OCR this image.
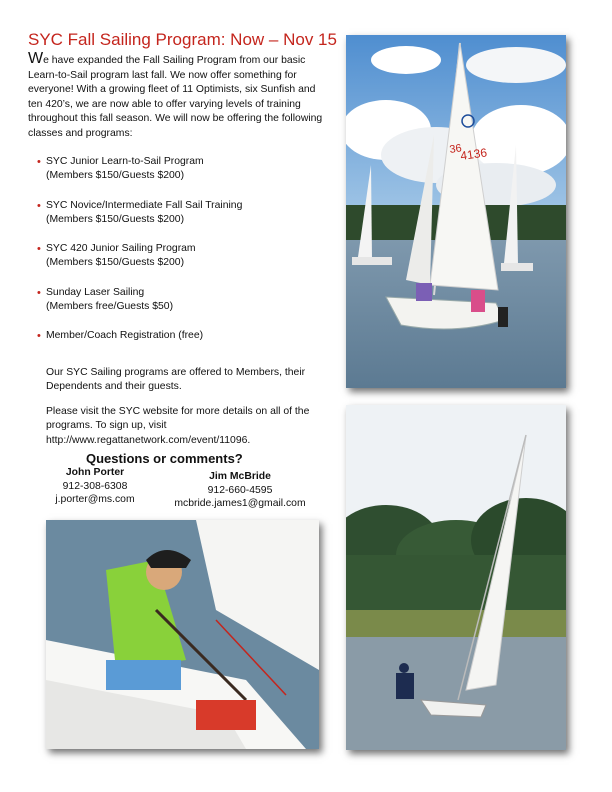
SYC Fall Sailing Program: Now – Nov 15

We have expanded the Fall Sailing Program from our basic Learn-to-Sail program last fall. We now offer something for everyone! With a growing fleet of 11 Optimists, six Sunfish and ten 420’s, we are now able to offer varying levels of training throughout this fall season. We will now be offering the following classes and programs:

• SYC Junior Learn-to-Sail Program
(Members $150/Guests $200)
• SYC Novice/Intermediate Fall Sail Training
(Members $150/Guests $200)
• SYC 420 Junior Sailing Program
(Members $150/Guests $200)
• Sunday Laser Sailing
(Members free/Guests $50)
• Member/Coach Registration (free)

Our SYC Sailing programs are offered to Members, their Dependents and their guests.

Please visit the SYC website for more details on all of the programs. To sign up, visit http://www.regattanetwork.com/event/11096.

Questions or comments?
John Porter
912-308-6308
j.porter@ms.com
Jim McBride
912-660-4595
mcbride.james1@gmail.com
4136
36
